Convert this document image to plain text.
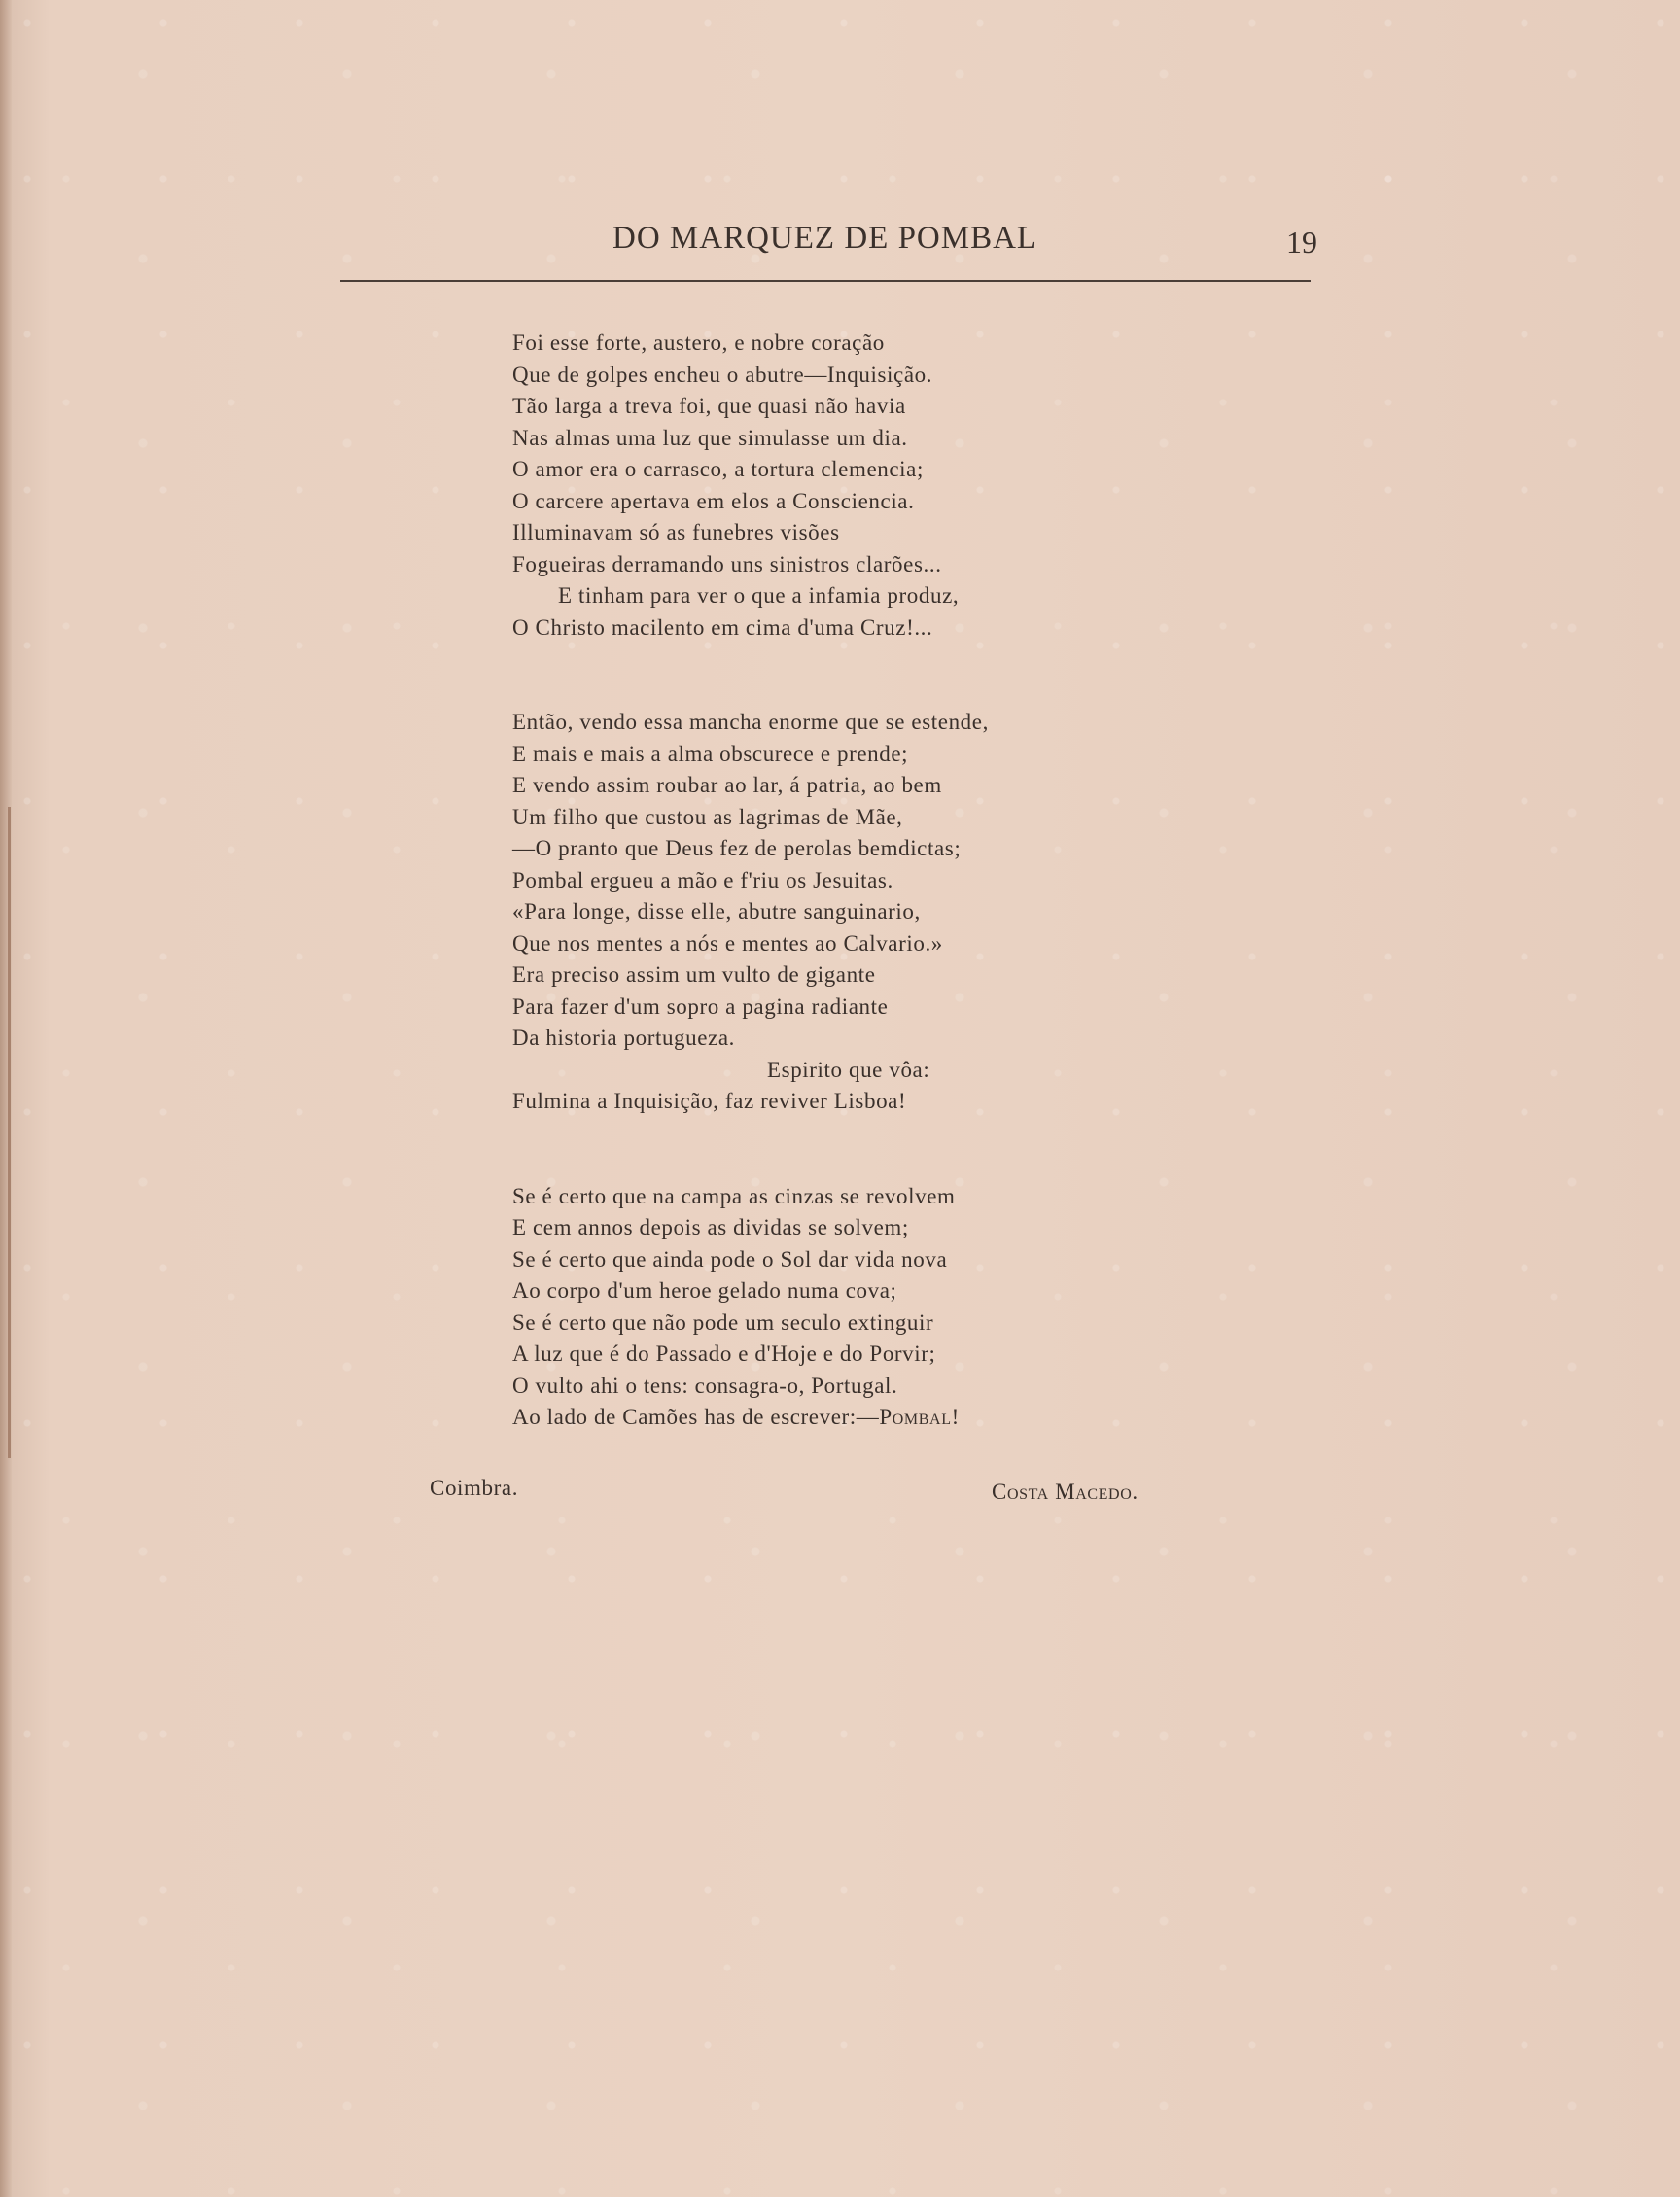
DO MARQUEZ DE POMBAL	19
Foi esse forte, austero, e nobre coração
Que de golpes encheu o abutre—Inquisição.
Tão larga a treva foi, que quasi não havia
Nas almas uma luz que simulasse um dia.
O amor era o carrasco, a tortura clemencia;
O carcere apertava em elos a Consciencia.
Illuminavam só as funebres visões
Fogueiras derramando uns sinistros clarões...
E tinham para ver o que a infamia produz,
O Christo macilento em cima d'uma Cruz!...
Então, vendo essa mancha enorme que se estende,
E mais e mais a alma obscurece e prende;
E vendo assim roubar ao lar, á patria, ao bem
Um filho que custou as lagrimas de Mãe,
—O pranto que Deus fez de perolas bemdictas;
Pombal ergueu a mão e f'riu os Jesuitas.
«Para longe, disse elle, abutre sanguinario,
Que nos mentes a nós e mentes ao Calvario.»
Era preciso assim um vulto de gigante
Para fazer d'um sopro a pagina radiante
Da historia portugueza.
Espirito que vôa:
Fulmina a Inquisição, faz reviver Lisboa!
Se é certo que na campa as cinzas se revolvem
E cem annos depois as dividas se solvem;
Se é certo que ainda pode o Sol dar vida nova
Ao corpo d'um heroe gelado numa cova;
Se é certo que não pode um seculo extinguir
A luz que é do Passado e d'Hoje e do Porvir;
O vulto ahi o tens: consagra-o, Portugal.
Ao lado de Camões has de escrever:—Pombal!
Coimbra.	Costa Macedo.
